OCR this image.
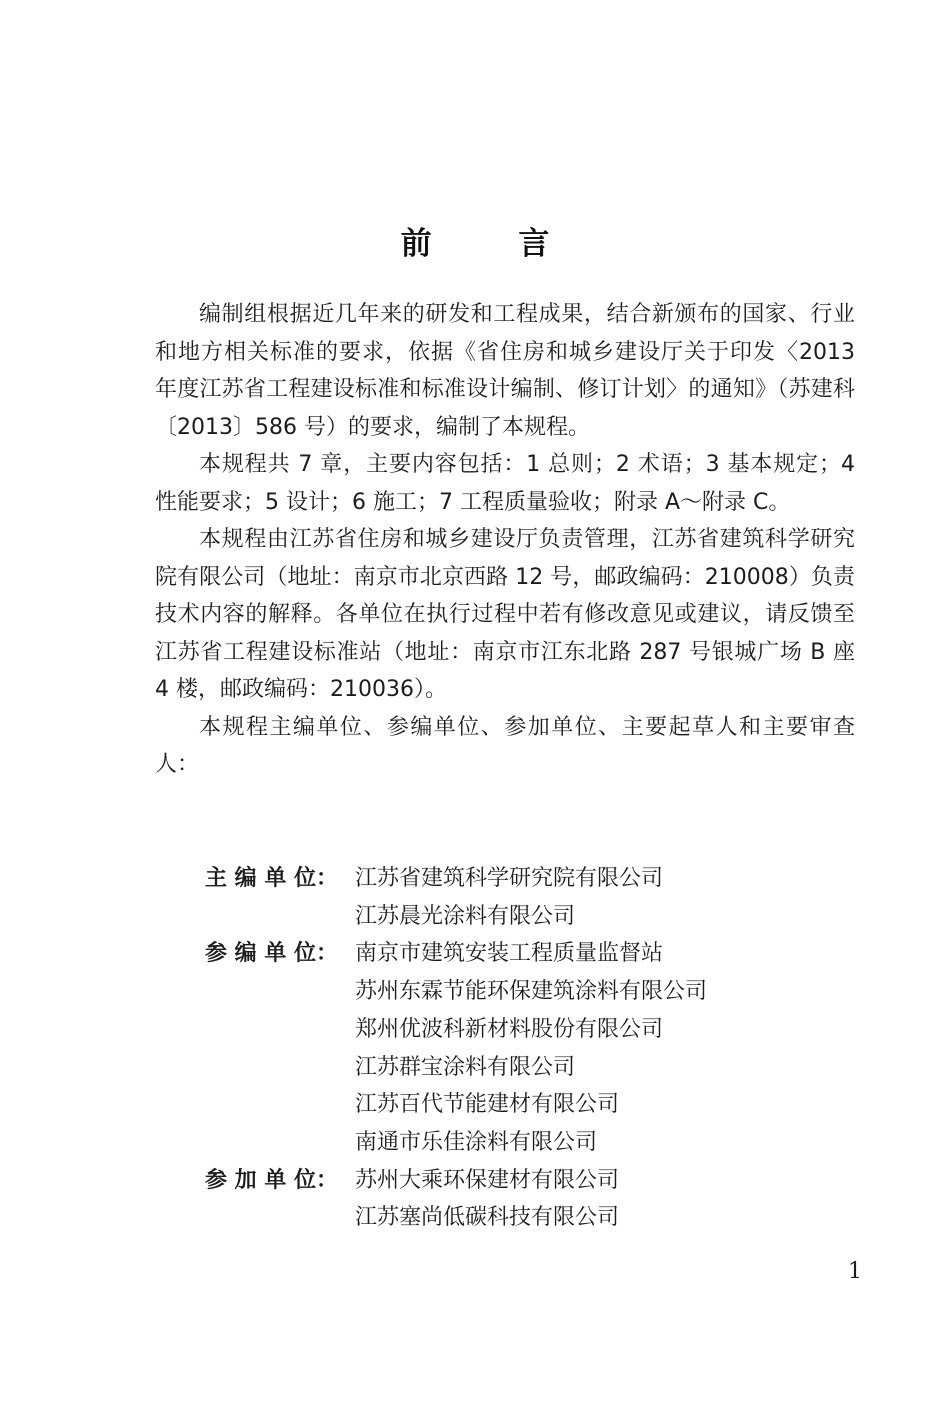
前 言

编制组根据近几年来的研发和工程成果，结合新颁布的国家、行业和地方相关标准的要求，依据《省住房和城乡建设厅关于印发〈2013 年度江苏省工程建设标准和标准设计编制、修订计划〉的通知》（苏建科〔2013〕586 号）的要求，编制了本规程。

本规程共 7 章，主要内容包括：1 总则；2 术语；3 基本规定；4 性能要求；5 设计；6 施工；7 工程质量验收；附录 A～附录 C。

本规程由江苏省住房和城乡建设厅负责管理，江苏省建筑科学研究院有限公司（地址：南京市北京西路 12 号，邮政编码：210008）负责技术内容的解释。各单位在执行过程中若有修改意见或建议，请反馈至江苏省工程建设标准站（地址：南京市江东北路 287 号银城广场 B 座 4 楼，邮政编码：210036）。

本规程主编单位、参编单位、参加单位、主要起草人和主要审查人：

主 编 单 位： 江苏省建筑科学研究院有限公司
江苏晨光涂料有限公司
参 编 单 位： 南京市建筑安装工程质量监督站
苏州东霖节能环保建筑涂料有限公司
郑州优波科新材料股份有限公司
江苏群宝涂料有限公司
江苏百代节能建材有限公司
南通市乐佳涂料有限公司
参 加 单 位： 苏州大乘环保建材有限公司
江苏塞尚低碳科技有限公司
1
